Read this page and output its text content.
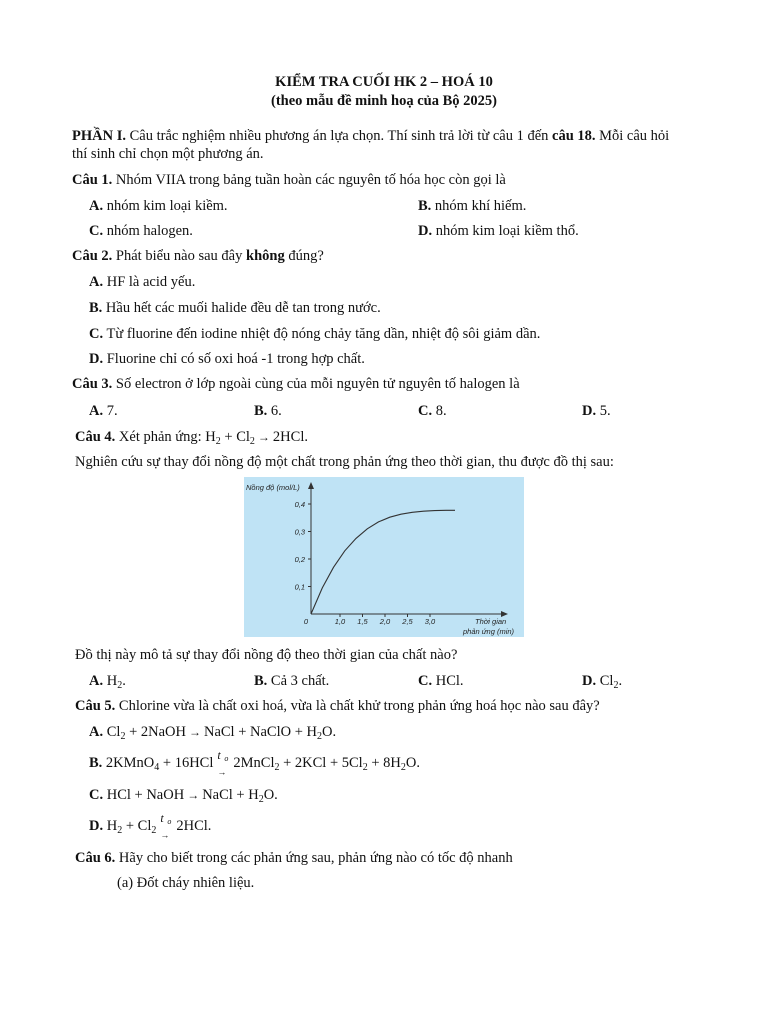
KIỂM TRA CUỐI HK 2 – HOÁ 10
(theo mẫu đề minh hoạ của Bộ 2025)
PHẦN I. Câu trắc nghiệm nhiều phương án lựa chọn. Thí sinh trả lời từ câu 1 đến câu 18. Mỗi câu hỏi
thí sinh chỉ chọn một phương án.
Câu 1. Nhóm VIIA trong bảng tuần hoàn các nguyên tố hóa học còn gọi là
A. nhóm kim loại kiềm.	B. nhóm khí hiếm.
C. nhóm halogen.	D. nhóm kim loại kiềm thổ.
Câu 2. Phát biểu nào sau đây không đúng?
A. HF là acid yếu.
B. Hầu hết các muối halide đều dễ tan trong nước.
C. Từ fluorine đến iodine nhiệt độ nóng chảy tăng dần, nhiệt độ sôi giảm dần.
D. Fluorine chỉ có số oxi hoá -1 trong hợp chất.
Câu 3. Số electron ở lớp ngoài cùng của mỗi nguyên tử nguyên tố halogen là
A. 7.	B. 6.	C. 8.	D. 5.
Câu 4. Xét phản ứng: $H_2 + Cl_2 \to 2HCl$.
Nghiên cứu sự thay đổi nồng độ một chất trong phản ứng theo thời gian, thu được đồ thị sau:
0,1
0,2
0,3
0,4
0	1,0 1,5 2,0 2,5 3,0
Nồng độ (mol/L)
Thời gian
phản ứng (min)
Đồ thị này mô tả sự thay đổi nồng độ theo thời gian của chất nào?
A. $H_2$.	B. Cả 3 chất.	C. HCl.	D. $Cl_2$.
Câu 5. Chlorine vừa là chất oxi hoá, vừa là chất khử trong phản ứng hoá học nào sau đây?
A. $Cl_2$ + 2NaOH → NaCl + NaClO + $H_2O$.
B. 2KMnO$_4$ + 16HCl t o
→
2MnCl$_2$ + $2KCl + 5Cl_2 + 8H_2O$.
C. HCl + NaOH → NaCl + $H_2O$.
D. $H_2 + Cl_2$
t o
→
2HCl.
Câu 6. Hãy cho biết trong các phản ứng sau, phản ứng nào có tốc độ nhanh
(a) Đốt cháy nhiên liệu.
